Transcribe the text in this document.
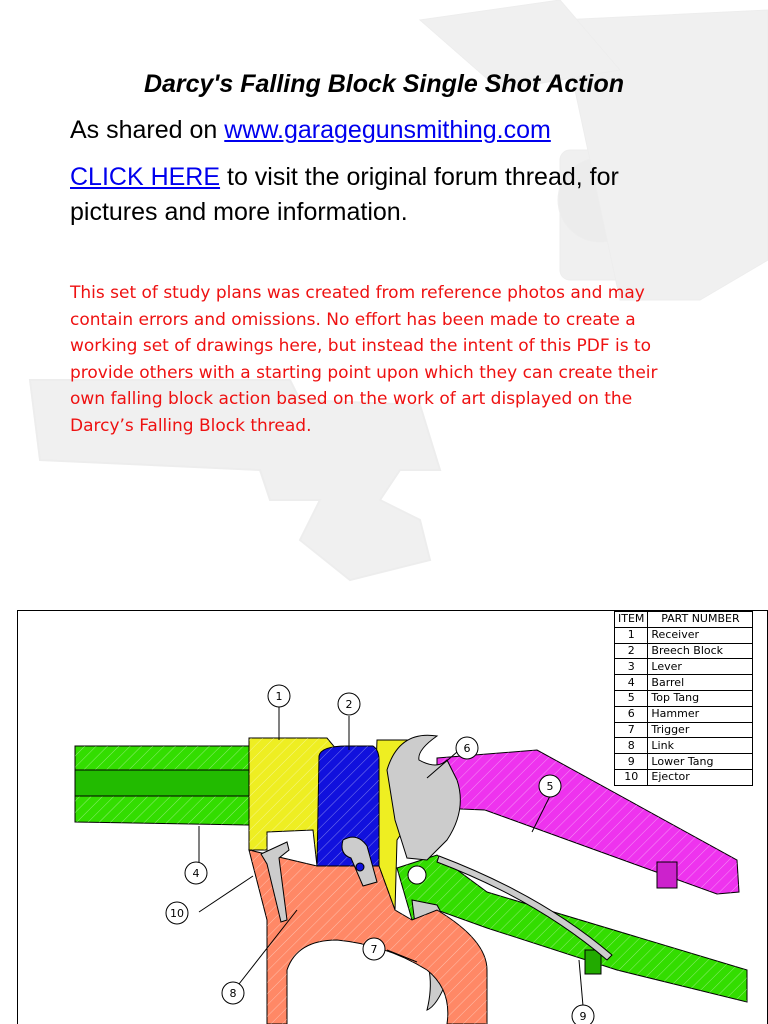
Darcy's Falling Block Single Shot Action
As shared on www.garagegunsmithing.com
CLICK HERE to visit the original forum thread, for
pictures and more information.
This set of study plans was created from reference photos and may contain errors and omissions. No effort has been made to create a working set of drawings here, but instead the intent of this PDF is to provide others with a starting point upon which they can create their own falling block action based on the work of art displayed on the Darcy’s Falling Block thread.
1
2
6
5
4
10
7
8
9
ITEM	PART NUMBER
1	Receiver
2	Breech Block
3	Lever
4	Barrel
5	Top Tang
6	Hammer
7	Trigger
8	Link
9	Lower Tang
10	Ejector
